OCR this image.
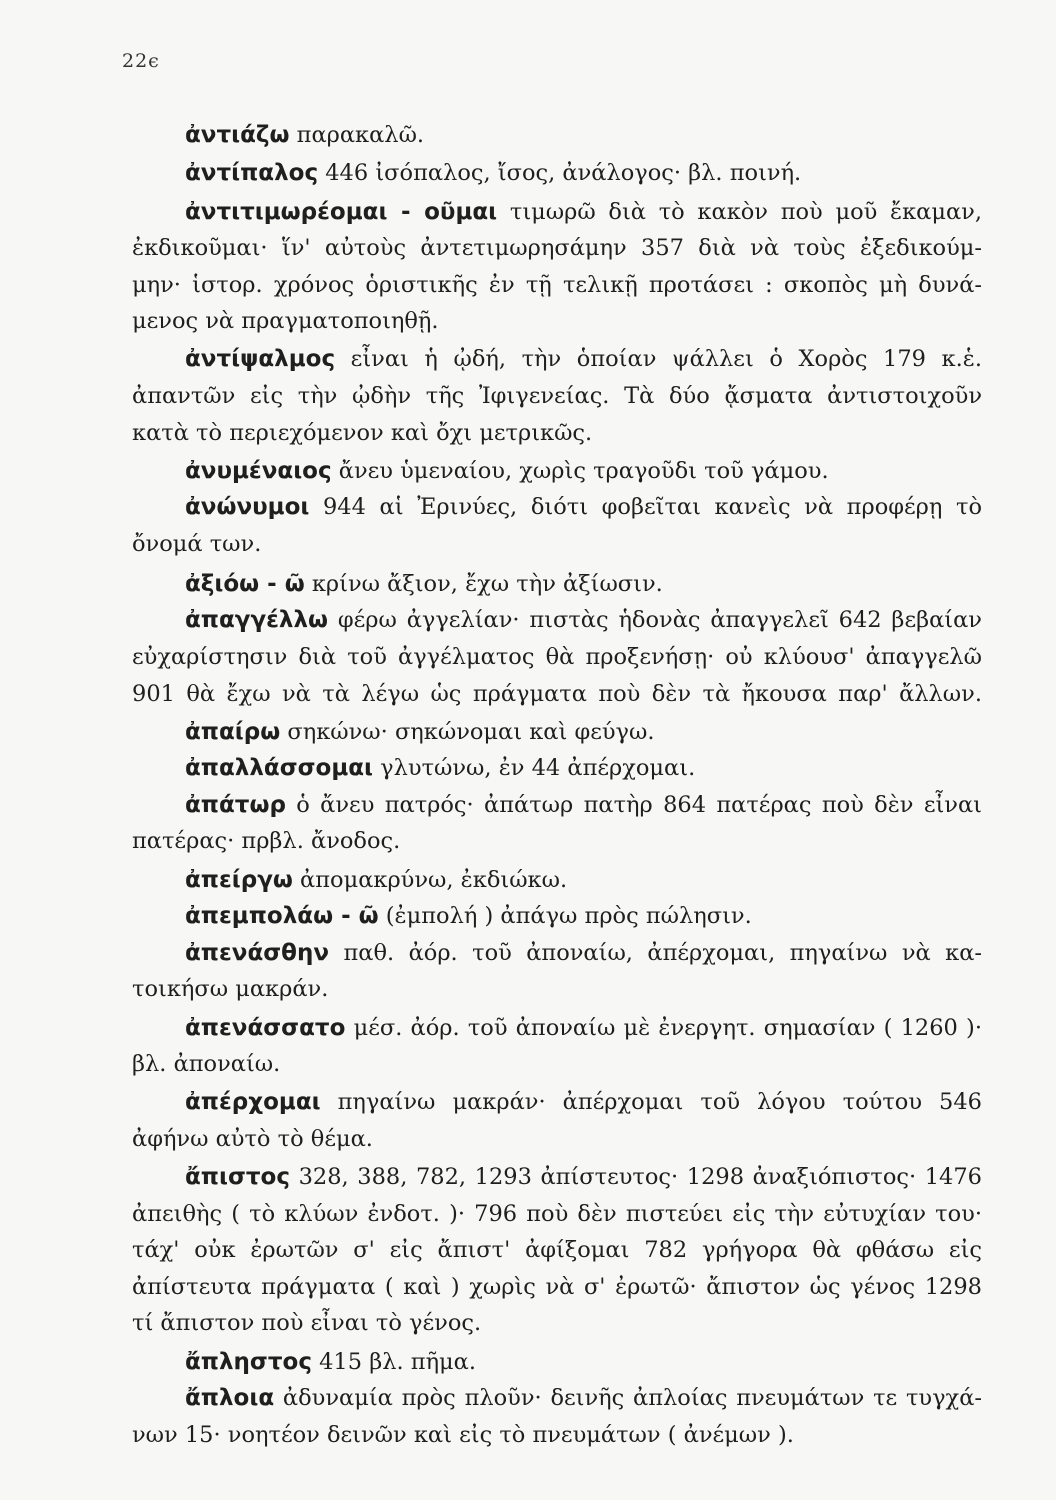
22ϵ
ἀντιάζω παρακαλῶ.
ἀντίπαλος 446 ἰσόπαλος, ἴσος, ἀνάλογος· βλ. ποινή.
ἀντιτιμωρέομαι - οῦμαι τιμωρῶ διὰ τὸ κακὸν ποὺ μοῦ ἔκαμαν,
ἐκδικοῦμαι· ἵν' αὐτοὺς ἀντετιμωρησάμην 357 διὰ νὰ τοὺς ἐξεδικούμ-
μην· ἱστορ. χρόνος ὁριστικῆς ἐν τῇ τελικῇ προτάσει : σκοπὸς μὴ δυνά-
μενος νὰ πραγματοποιηθῇ.
ἀντίψαλμος εἶναι ἡ ᾠδή, τὴν ὁποίαν ψάλλει ὁ Χορὸς 179 κ.ἑ.
ἀπαντῶν εἰς τὴν ᾠδὴν τῆς Ἰφιγενείας. Τὰ δύο ᾄσματα ἀντιστοιχοῦν
κατὰ τὸ περιεχόμενον καὶ ὄχι μετρικῶς.
ἀνυμέναιος ἄνευ ὑμεναίου, χωρὶς τραγοῦδι τοῦ γάμου.
ἀνώνυμοι 944 αἱ Ἐρινύες, διότι φοβεῖται κανεὶς νὰ προφέρῃ τὸ
ὄνομά των.
ἀξιόω - ῶ κρίνω ἄξιον, ἔχω τὴν ἀξίωσιν.
ἀπαγγέλλω φέρω ἀγγελίαν· πιστὰς ἡδονὰς ἀπαγγελεῖ 642 βεβαίαν
εὐχαρίστησιν διὰ τοῦ ἀγγέλματος θὰ προξενήσῃ· οὐ κλύουσ' ἀπαγγελῶ
901 θὰ ἔχω νὰ τὰ λέγω ὡς πράγματα ποὺ δὲν τὰ ἤκουσα παρ' ἄλλων.
ἀπαίρω σηκώνω· σηκώνομαι καὶ φεύγω.
ἀπαλλάσσομαι γλυτώνω, ἐν 44 ἀπέρχομαι.
ἀπάτωρ ὁ ἄνευ πατρός· ἀπάτωρ πατὴρ 864 πατέρας ποὺ δὲν εἶναι
πατέρας· πρβλ. ἄνοδος.
ἀπείργω ἀπομακρύνω, ἐκδιώκω.
ἀπεμπολάω - ῶ (ἐμπολή ) ἀπάγω πρὸς πώλησιν.
ἀπενάσθην παθ. ἀόρ. τοῦ ἀποναίω, ἀπέρχομαι, πηγαίνω νὰ κα-
τοικήσω μακράν.
ἀπενάσσατο μέσ. ἀόρ. τοῦ ἀποναίω μὲ ἐνεργητ. σημασίαν ( 1260 )·
βλ. ἀποναίω.
ἀπέρχομαι πηγαίνω μακράν· ἀπέρχομαι τοῦ λόγου τούτου 546
ἀφήνω αὐτὸ τὸ θέμα.
ἄπιστος 328, 388, 782, 1293 ἀπίστευτος· 1298 ἀναξιόπιστος· 1476
ἀπειθὴς ( τὸ κλύων ἐνδοτ. )· 796 ποὺ δὲν πιστεύει εἰς τὴν εὐτυχίαν του·
τάχ' οὐκ ἐρωτῶν σ' εἰς ἄπιστ' ἀφίξομαι 782 γρήγορα θὰ φθάσω εἰς
ἀπίστευτα πράγματα ( καὶ ) χωρὶς νὰ σ' ἐρωτῶ· ἄπιστον ὡς γένος 1298
τί ἄπιστον ποὺ εἶναι τὸ γένος.
ἄπληστος 415 βλ. πῆμα.
ἄπλοια ἀδυναμία πρὸς πλοῦν· δεινῆς ἀπλοίας πνευμάτων τε τυγχά-
νων 15· νοητέον δεινῶν καὶ εἰς τὸ πνευμάτων ( ἀνέμων ).
